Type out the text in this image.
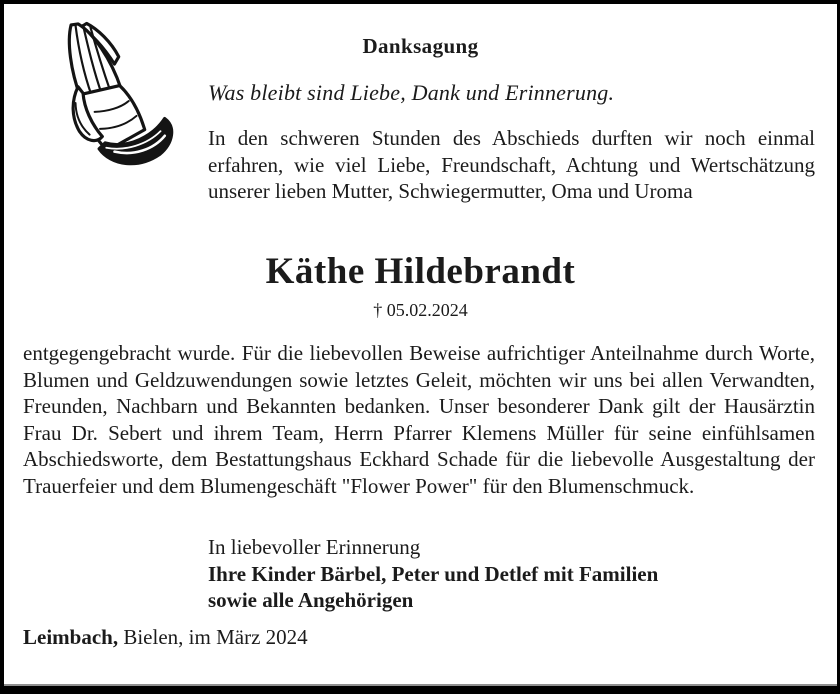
Danksagung
Was bleibt sind Liebe, Dank und Erinnerung.

In den schweren Stunden des Abschieds durften wir noch einmal erfahren, wie viel Liebe, Freundschaft, Achtung und Wertschätzung unserer lieben Mutter, Schwiegermutter, Oma und Uroma

Käthe Hildebrandt
† 05.02.2024

entgegengebracht wurde. Für die liebevollen Beweise aufrichtiger Anteilnahme durch Worte, Blumen und Geldzuwendungen sowie letztes Geleit, möchten wir uns bei allen Verwandten, Freunden, Nachbarn und Bekannten bedanken. Unser besonderer Dank gilt der Hausärztin Frau Dr. Sebert und ihrem Team, Herrn Pfarrer Klemens Müller für seine einfühlsamen Abschiedsworte, dem Bestattungshaus Eckhard Schade für die liebevolle Ausgestaltung der Trauerfeier und dem Blumengeschäft "Flower Power" für den Blumenschmuck.

In liebevoller Erinnerung
Ihre Kinder Bärbel, Peter und Detlef mit Familien
sowie alle Angehörigen
Leimbach, Bielen, im März 2024
